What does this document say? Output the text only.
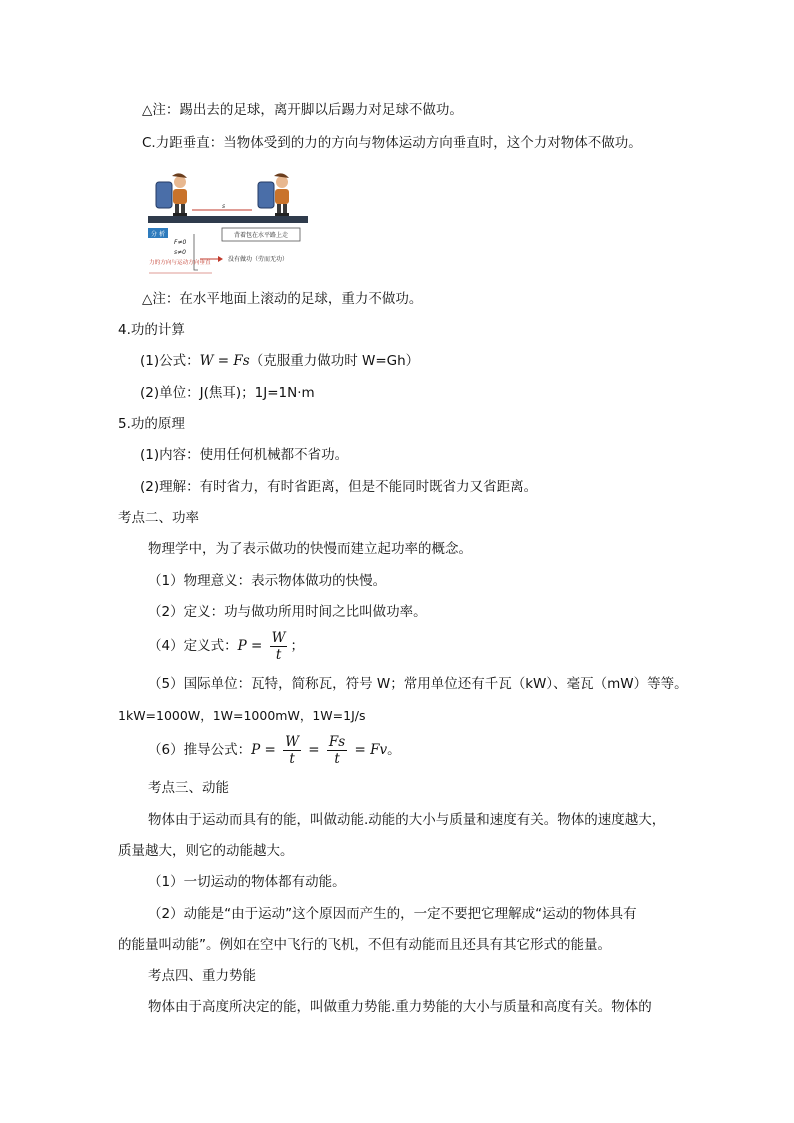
△注：踢出去的足球，离开脚以后踢力对足球不做功。
C.力距垂直：当物体受到的力的方向与物体运动方向垂直时，这个力对物体不做功。
s
背着包在水平路上走
分 析
F≠0
s≠0
力的方向与运动方向垂直	没有做功（劳而无功）
△注：在水平地面上滚动的足球，重力不做功。
4.功的计算
(1)公式：W = Fs（克服重力做功时 W=Gh）
(2)单位：J(焦耳)；1J=1N·m
5.功的原理
(1)内容：使用任何机械都不省功。
(2)理解：有时省力，有时省距离，但是不能同时既省力又省距离。
考点二、功率
物理学中，为了表示做功的快慢而建立起功率的概念。
（1）物理意义：表示物体做功的快慢。
（2）定义：功与做功所用时间之比叫做功率。
（4）定义式：$P = \frac{W}{t}$ ；
（5）国际单位：瓦特，简称瓦，符号 W；常用单位还有千瓦（kW）、毫瓦（mW）等等。
1kW=1000W，1W=1000mW，1W=1J/s
（6）推导公式：$P = \frac{W}{t} = \frac{Fs}{t} = Fv$。
考点三、动能
物体由于运动而具有的能，叫做动能.动能的大小与质量和速度有关。物体的速度越大，
质量越大，则它的动能越大。
（1）一切运动的物体都有动能。
（2）动能是“由于运动”这个原因而产生的，一定不要把它理解成“运动的物体具有
的能量叫动能”。例如在空中飞行的飞机，不但有动能而且还具有其它形式的能量。
考点四、重力势能
物体由于高度所决定的能，叫做重力势能.重力势能的大小与质量和高度有关。物体的
